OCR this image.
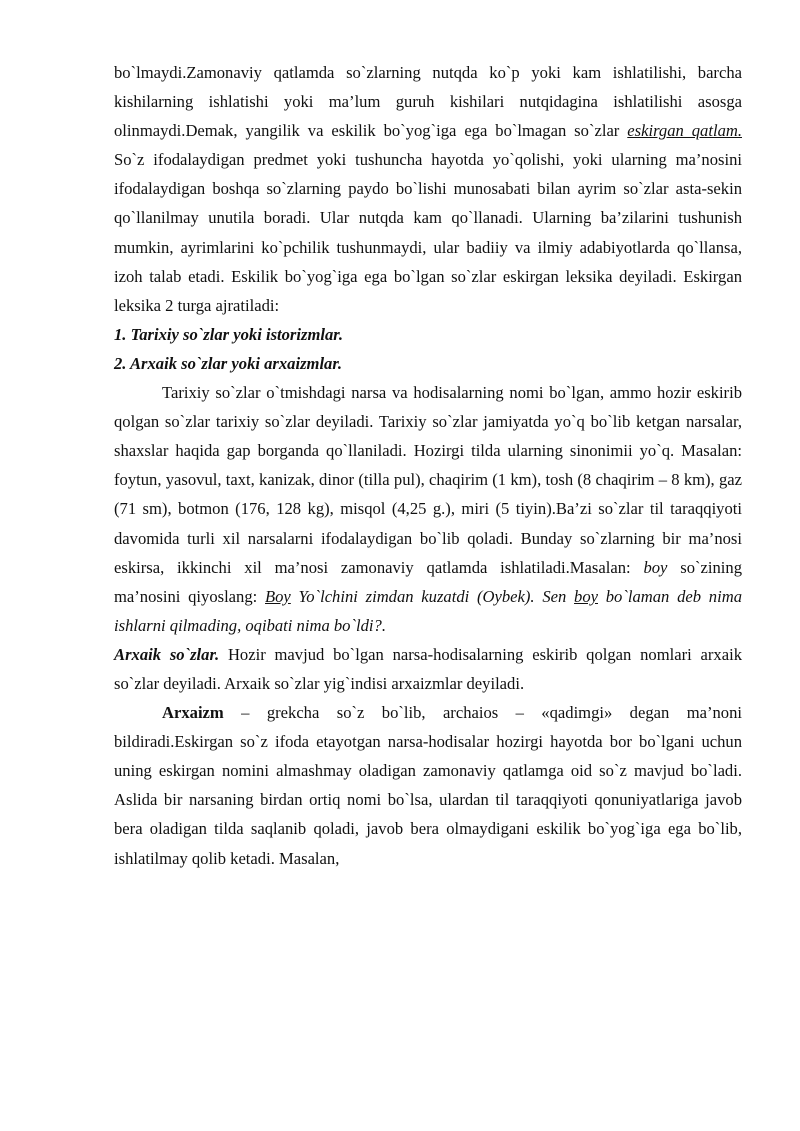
bo`lmaydi.Zamonaviy qatlamda so`zlarning nutqda ko`p yoki kam ishlatilishi, barcha kishilarning ishlatishi yoki ma’lum guruh kishilari nutqidagina ishlatilishi asosga olinmaydi.Demak, yangilik va eskilik bo`yog`iga ega bo`lmagan so`zlar eskirgan qatlam. So`z ifodalaydigan predmet yoki tushuncha hayotda yo`qolishi, yoki ularning ma’nosini ifodalaydigan boshqa so`zlarning paydo bo`lishi munosabati bilan ayrim so`zlar asta-sekin qo`llanilmay unutila boradi. Ular nutqda kam qo`llanadi. Ularning ba’zilarini tushunish mumkin, ayrimlarini ko`pchilik tushunmaydi, ular badiiy va ilmiy adabiyotlarda qo`llansa, izoh talab etadi. Eskilik bo`yog`iga ega bo`lgan so`zlar eskirgan leksika deyiladi. Eskirgan leksika 2 turga ajratiladi:

1. Tarixiy so`zlar yoki istorizmlar.

2. Arxaik so`zlar yoki arxaizmlar.

Tarixiy so`zlar o`tmishdagi narsa va hodisalarning nomi bo`lgan, ammo hozir eskirib qolgan so`zlar tarixiy so`zlar deyiladi. Tarixiy so`zlar jamiyatda yo`q bo`lib ketgan narsalar, shaxslar haqida gap borganda qo`llaniladi. Hozirgi tilda ularning sinonimii yo`q. Masalan: foytun, yasovul, taxt, kanizak, dinor (tilla pul), chaqirim (1 km), tosh (8 chaqirim – 8 km), gaz (71 sm), botmon (176, 128 kg), misqol (4,25 g.), miri (5 tiyin).Ba’zi so`zlar til taraqqiyoti davomida turli xil narsalarni ifodalaydigan bo`lib qoladi. Bunday so`zlarning bir ma’nosi eskirsa, ikkinchi xil ma’nosi zamonaviy qatlamda ishlatiladi.Masalan: boy so`zining ma’nosini qiyoslang: Boy Yo`lchini zimdan kuzatdi (Oybek). Sen boy bo`laman deb nima ishlarni qilmading, oqibati nima bo`ldi?.

Arxaik so`zlar. Hozir mavjud bo`lgan narsa-hodisalarning eskirib qolgan nomlari arxaik so`zlar deyiladi. Arxaik so`zlar yig`indisi arxaizmlar deyiladi.

Arxaizm – grekcha so`z bo`lib, archaios – «qadimgi» degan ma’noni bildiradi.Eskirgan so`z ifoda etayotgan narsa-hodisalar hozirgi hayotda bor bo`lgani uchun uning eskirgan nomini almashmay oladigan zamonaviy qatlamga oid so`z mavjud bo`ladi. Aslida bir narsaning birdan ortiq nomi bo`lsa, ulardan til taraqqiyoti qonuniyatlariga javob bera oladigan tilda saqlanib qoladi, javob bera olmaydigani eskilik bo`yog`iga ega bo`lib, ishlatilmay qolib ketadi. Masalan,
